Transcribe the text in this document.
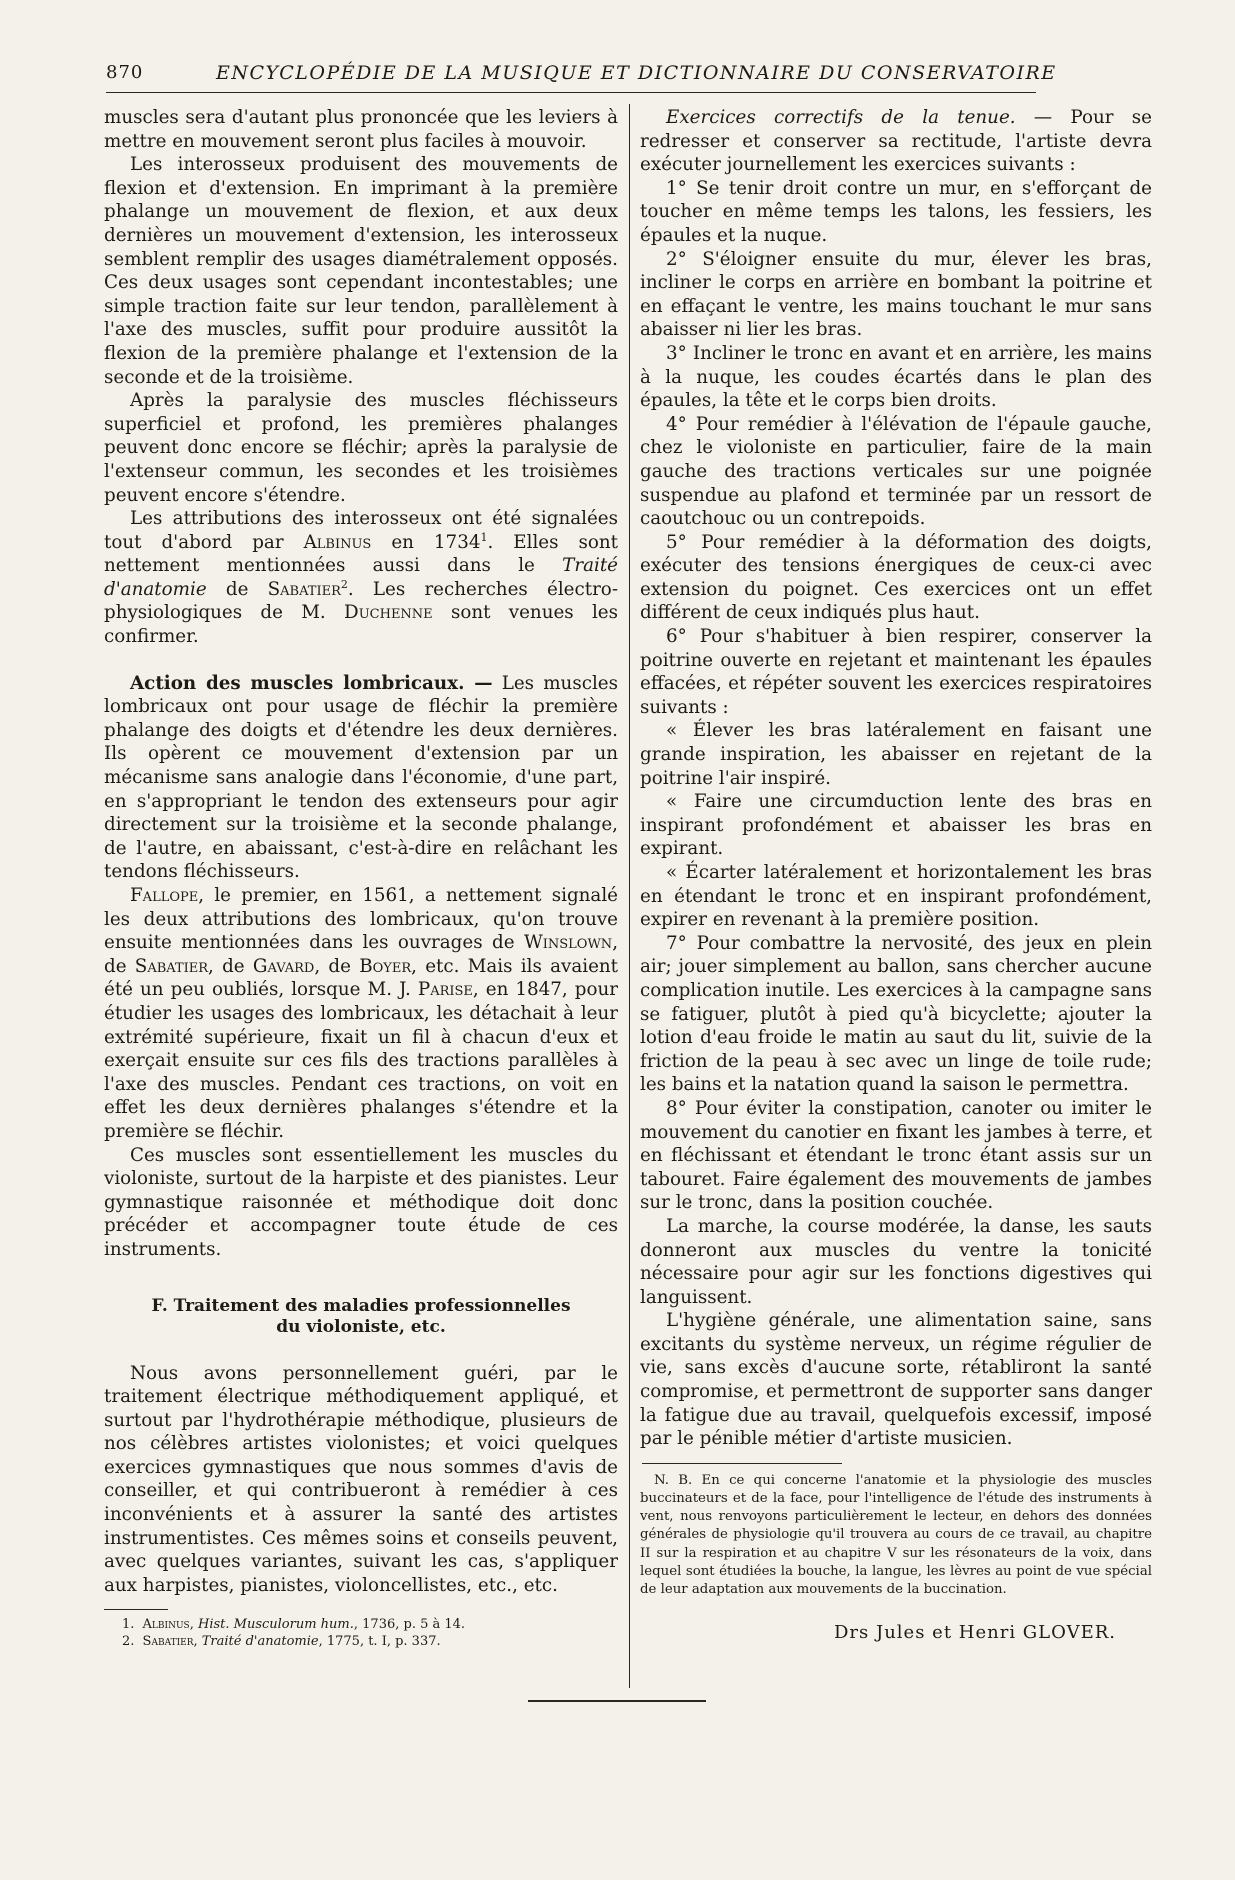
870	ENCYCLOPÉDIE DE LA MUSIQUE ET DICTIONNAIRE DU CONSERVATOIRE

muscles sera d'autant plus prononcée que les leviers à mettre en mouvement seront plus faciles à mouvoir.

Les interosseux produisent des mouvements de flexion et d'extension. En imprimant à la première phalange un mouvement de flexion, et aux deux dernières un mouvement d'extension, les interosseux semblent remplir des usages diamétralement opposés. Ces deux usages sont cependant incontestables; une simple traction faite sur leur tendon, parallèlement à l'axe des muscles, suffit pour produire aussitôt la flexion de la première phalange et l'extension de la seconde et de la troisième.

Après la paralysie des muscles fléchisseurs superficiel et profond, les premières phalanges peuvent donc encore se fléchir; après la paralysie de l'extenseur commun, les secondes et les troisièmes peuvent encore s'étendre.

Les attributions des interosseux ont été signalées tout d'abord par Albinus en 1734$^1$. Elles sont nettement mentionnées aussi dans le Traité d'anatomie de Sabatier$^2$. Les recherches électro-physiologiques de M. Duchenne sont venues les confirmer.

Action des muscles lombricaux. — Les muscles lombricaux ont pour usage de fléchir la première phalange des doigts et d'étendre les deux dernières. Ils opèrent ce mouvement d'extension par un mécanisme sans analogie dans l'économie, d'une part, en s'appropriant le tendon des extenseurs pour agir directement sur la troisième et la seconde phalange, de l'autre, en abaissant, c'est-à-dire en relâchant les tendons fléchisseurs.

Fallope, le premier, en 1561, a nettement signalé les deux attributions des lombricaux, qu'on trouve ensuite mentionnées dans les ouvrages de Winslown, de Sabatier, de Gavard, de Boyer, etc. Mais ils avaient été un peu oubliés, lorsque M. J. Parise, en 1847, pour étudier les usages des lombricaux, les détachait à leur extrémité supérieure, fixait un fil à chacun d'eux et exerçait ensuite sur ces fils des tractions parallèles à l'axe des muscles. Pendant ces tractions, on voit en effet les deux dernières phalanges s'étendre et la première se fléchir.

Ces muscles sont essentiellement les muscles du violoniste, surtout de la harpiste et des pianistes. Leur gymnastique raisonnée et méthodique doit donc précéder et accompagner toute étude de ces instruments.

F. Traitement des maladies professionnelles
du violoniste, etc.

Nous avons personnellement guéri, par le traitement électrique méthodiquement appliqué, et surtout par l'hydrothérapie méthodique, plusieurs de nos célèbres artistes violonistes; et voici quelques exercices gymnastiques que nous sommes d'avis de conseiller, et qui contribueront à remédier à ces inconvénients et à assurer la santé des artistes instrumentistes. Ces mêmes soins et conseils peuvent, avec quelques variantes, suivant les cas, s'appliquer aux harpistes, pianistes, violoncellistes, etc., etc.

1. Albinus, Hist. Musculorum hum., 1736, p. 5 à 14.
2. Sabatier, Traité d'anatomie, 1775, t. I, p. 337.

Exercices correctifs de la tenue. — Pour se redresser et conserver sa rectitude, l'artiste devra exécuter journellement les exercices suivants :

1° Se tenir droit contre un mur, en s'efforçant de toucher en même temps les talons, les fessiers, les épaules et la nuque.

2° S'éloigner ensuite du mur, élever les bras, incliner le corps en arrière en bombant la poitrine et en effaçant le ventre, les mains touchant le mur sans abaisser ni lier les bras.

3° Incliner le tronc en avant et en arrière, les mains à la nuque, les coudes écartés dans le plan des épaules, la tête et le corps bien droits.

4° Pour remédier à l'élévation de l'épaule gauche, chez le violoniste en particulier, faire de la main gauche des tractions verticales sur une poignée suspendue au plafond et terminée par un ressort de caoutchouc ou un contrepoids.

5° Pour remédier à la déformation des doigts, exécuter des tensions énergiques de ceux-ci avec extension du poignet. Ces exercices ont un effet différent de ceux indiqués plus haut.

6° Pour s'habituer à bien respirer, conserver la poitrine ouverte en rejetant et maintenant les épaules effacées, et répéter souvent les exercices respiratoires suivants :

« Élever les bras latéralement en faisant une grande inspiration, les abaisser en rejetant de la poitrine l'air inspiré.

« Faire une circumduction lente des bras en inspirant profondément et abaisser les bras en expirant.

« Écarter latéralement et horizontalement les bras en étendant le tronc et en inspirant profondément, expirer en revenant à la première position.

7° Pour combattre la nervosité, des jeux en plein air; jouer simplement au ballon, sans chercher aucune complication inutile. Les exercices à la campagne sans se fatiguer, plutôt à pied qu'à bicyclette; ajouter la lotion d'eau froide le matin au saut du lit, suivie de la friction de la peau à sec avec un linge de toile rude; les bains et la natation quand la saison le permettra.

8° Pour éviter la constipation, canoter ou imiter le mouvement du canotier en fixant les jambes à terre, et en fléchissant et étendant le tronc étant assis sur un tabouret. Faire également des mouvements de jambes sur le tronc, dans la position couchée.

La marche, la course modérée, la danse, les sauts donneront aux muscles du ventre la tonicité nécessaire pour agir sur les fonctions digestives qui languissent.

L'hygiène générale, une alimentation saine, sans excitants du système nerveux, un régime régulier de vie, sans excès d'aucune sorte, rétabliront la santé compromise, et permettront de supporter sans danger la fatigue due au travail, quelquefois excessif, imposé par le pénible métier d'artiste musicien.

N. B. En ce qui concerne l'anatomie et la physiologie des muscles buccinateurs et de la face, pour l'intelligence de l'étude des instruments à vent, nous renvoyons particulièrement le lecteur, en dehors des données générales de physiologie qu'il trouvera au cours de ce travail, au chapitre II sur la respiration et au chapitre V sur les résonateurs de la voix, dans lequel sont étudiées la bouche, la langue, les lèvres au point de vue spécial de leur adaptation aux mouvements de la buccination.

Drs Jules et Henri GLOVER.
